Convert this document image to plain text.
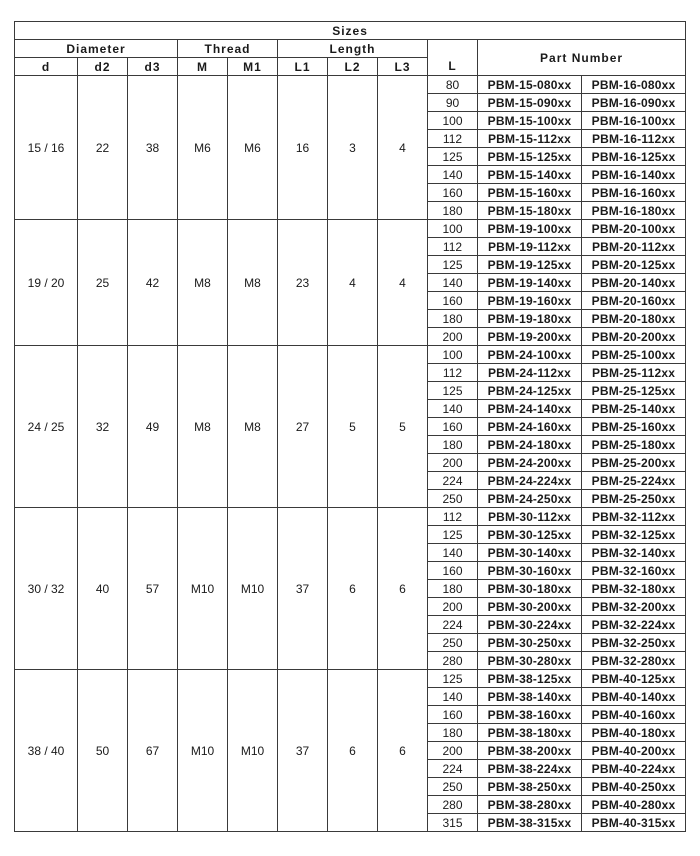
Sizes										
Diameter			Thread		Length				Part Number	
d	d2	d3	M	M1	L1	L2	L3	L		
15 / 16	22	38	M6	M6	16	3	4	80	PBM-15-080xx	PBM-16-080xx
								90	PBM-15-090xx	PBM-16-090xx
								100	PBM-15-100xx	PBM-16-100xx
								112	PBM-15-112xx	PBM-16-112xx
								125	PBM-15-125xx	PBM-16-125xx
								140	PBM-15-140xx	PBM-16-140xx
								160	PBM-15-160xx	PBM-16-160xx
								180	PBM-15-180xx	PBM-16-180xx
19 / 20	25	42	M8	M8	23	4	4	100	PBM-19-100xx	PBM-20-100xx
								112	PBM-19-112xx	PBM-20-112xx
								125	PBM-19-125xx	PBM-20-125xx
								140	PBM-19-140xx	PBM-20-140xx
								160	PBM-19-160xx	PBM-20-160xx
								180	PBM-19-180xx	PBM-20-180xx
								200	PBM-19-200xx	PBM-20-200xx
24 / 25	32	49	M8	M8	27	5	5	100	PBM-24-100xx	PBM-25-100xx
								112	PBM-24-112xx	PBM-25-112xx
								125	PBM-24-125xx	PBM-25-125xx
								140	PBM-24-140xx	PBM-25-140xx
								160	PBM-24-160xx	PBM-25-160xx
								180	PBM-24-180xx	PBM-25-180xx
								200	PBM-24-200xx	PBM-25-200xx
								224	PBM-24-224xx	PBM-25-224xx
								250	PBM-24-250xx	PBM-25-250xx
30 / 32	40	57	M10	M10	37	6	6	112	PBM-30-112xx	PBM-32-112xx
								125	PBM-30-125xx	PBM-32-125xx
								140	PBM-30-140xx	PBM-32-140xx
								160	PBM-30-160xx	PBM-32-160xx
								180	PBM-30-180xx	PBM-32-180xx
								200	PBM-30-200xx	PBM-32-200xx
								224	PBM-30-224xx	PBM-32-224xx
								250	PBM-30-250xx	PBM-32-250xx
								280	PBM-30-280xx	PBM-32-280xx
38 / 40	50	67	M10	M10	37	6	6	125	PBM-38-125xx	PBM-40-125xx
								140	PBM-38-140xx	PBM-40-140xx
								160	PBM-38-160xx	PBM-40-160xx
								180	PBM-38-180xx	PBM-40-180xx
								200	PBM-38-200xx	PBM-40-200xx
								224	PBM-38-224xx	PBM-40-224xx
								250	PBM-38-250xx	PBM-40-250xx
								280	PBM-38-280xx	PBM-40-280xx
								315	PBM-38-315xx	PBM-40-315xx
